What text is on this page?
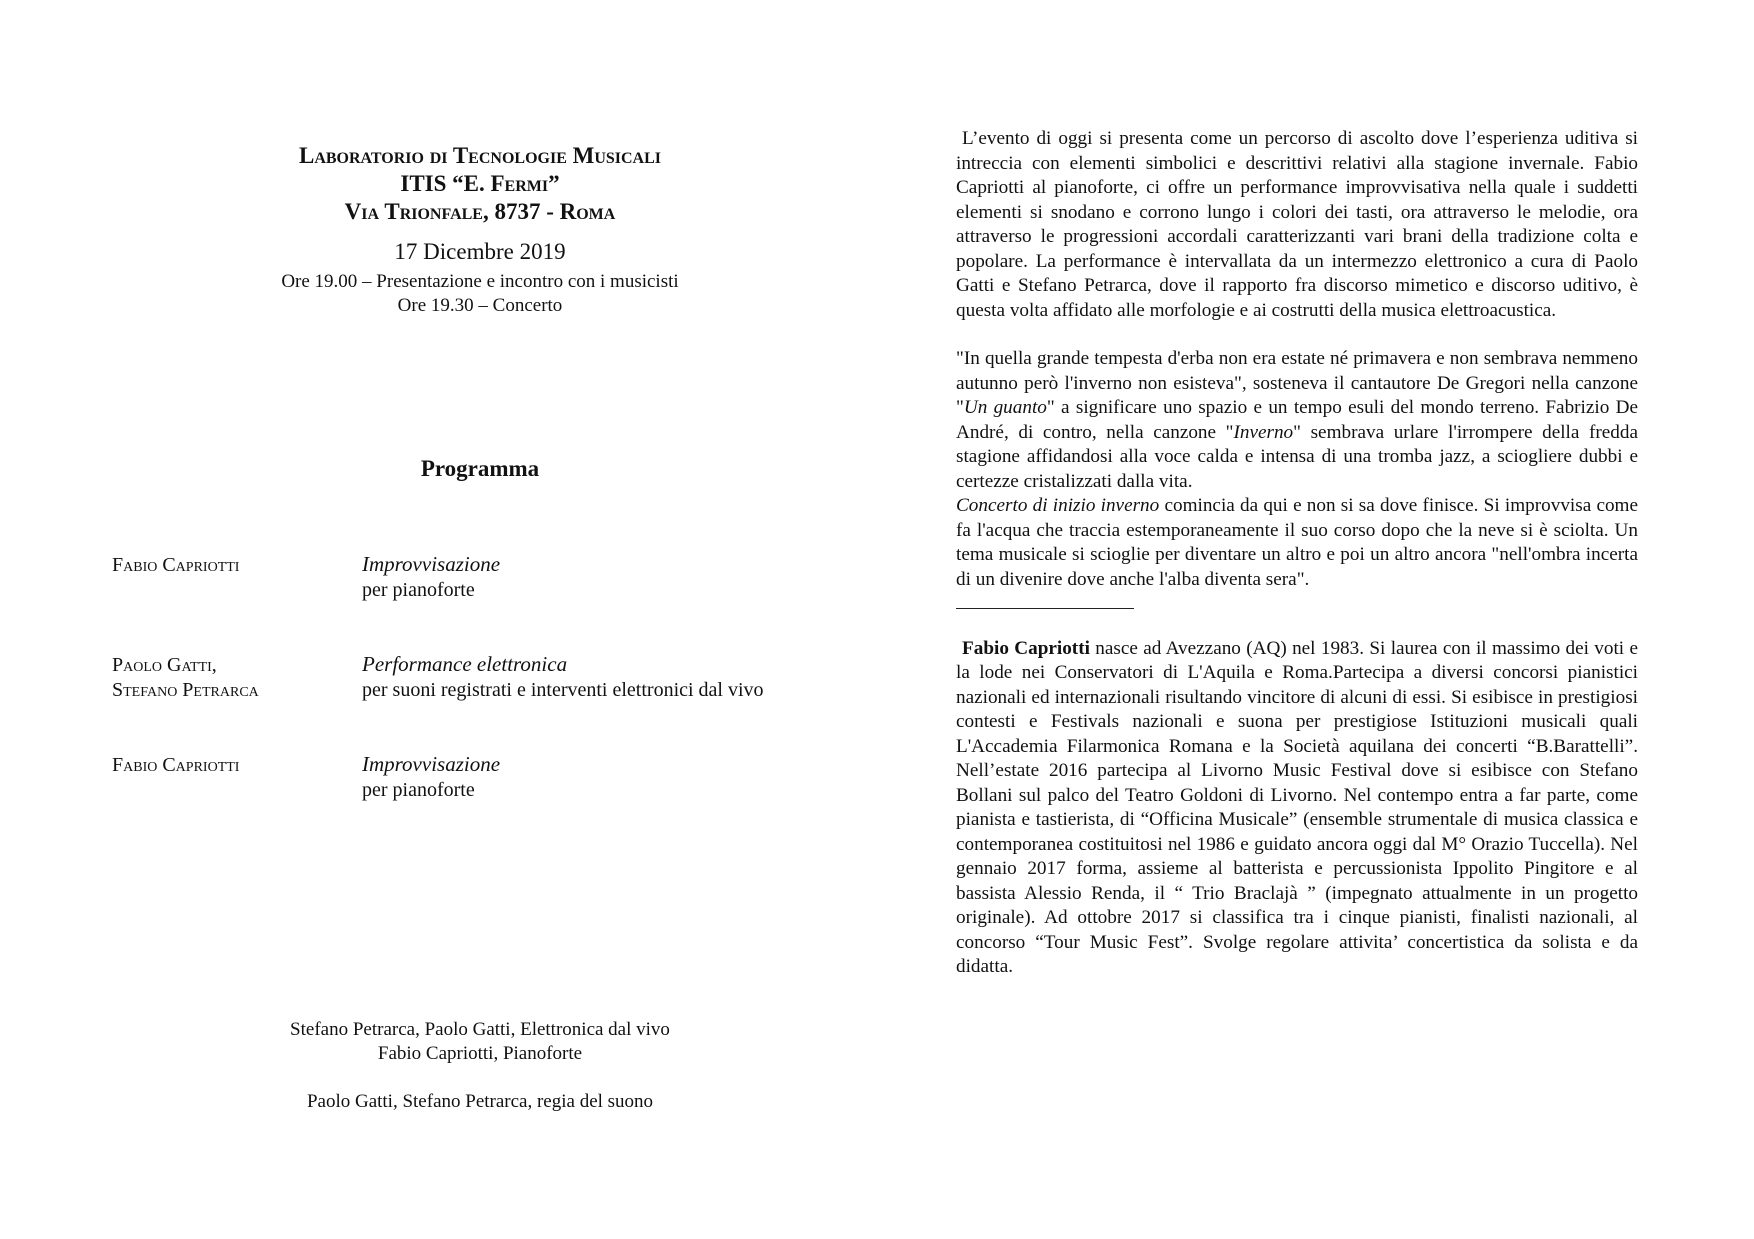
Laboratorio di Tecnologie Musicali
ITIS “E. Fermi”
Via Trionfale, 8737 - Roma
17 Dicembre 2019
Ore 19.00 – Presentazione e incontro con i musicisti
Ore 19.30 – Concerto
Programma
Fabio Capriotti	Improvvisazione
per pianoforte
Paolo Gatti,
Stefano Petrarca
Performance elettronica
per suoni registrati e interventi elettronici dal vivo
Fabio Capriotti	Improvvisazione
per pianoforte
Stefano Petrarca, Paolo Gatti, Elettronica dal vivo
Fabio Capriotti, Pianoforte
Paolo Gatti, Stefano Petrarca, regia del suono

L’evento di oggi si presenta come un percorso di ascolto dove l’esperienza uditiva si intreccia con elementi simbolici e descrittivi relativi alla stagione invernale. Fabio Capriotti al pianoforte, ci offre un performance improvvisativa nella quale i suddetti elementi si snodano e corrono lungo i colori dei tasti, ora attraverso le melodie, ora attraverso le progressioni accordali caratterizzanti vari brani della tradizione colta e popolare. La performance è intervallata da un intermezzo elettronico a cura di Paolo Gatti e Stefano Petrarca, dove il rapporto fra discorso mimetico e discorso uditivo, è questa volta affidato alle morfologie e ai costrutti della musica elettroacustica.

"In quella grande tempesta d'erba non era estate né primavera e non sembrava nemmeno autunno però l'inverno non esisteva", sosteneva il cantautore De Gregori nella canzone "Un guanto" a significare uno spazio e un tempo esuli del mondo terreno. Fabrizio De André, di contro, nella canzone "Inverno" sembrava urlare l'irrompere della fredda stagione affidandosi alla voce calda e intensa di una tromba jazz, a sciogliere dubbi e certezze cristalizzati dalla vita.

Concerto di inizio inverno comincia da qui e non si sa dove finisce. Si improvvisa come fa l'acqua che traccia estemporaneamente il suo corso dopo che la neve si è sciolta. Un tema musicale si scioglie per diventare un altro e poi un altro ancora "nell'ombra incerta di un divenire dove anche l'alba diventa sera".

Fabio Capriotti nasce ad Avezzano (AQ) nel 1983. Si laurea con il massimo dei voti e la lode nei Conservatori di L'Aquila e Roma.Partecipa a diversi concorsi pianistici nazionali ed internazionali risultando vincitore di alcuni di essi. Si esibisce in prestigiosi contesti e Festivals nazionali e suona per prestigiose Istituzioni musicali quali L'Accademia Filarmonica Romana e la Società aquilana dei concerti “B.Barattelli”. Nell’estate 2016 partecipa al Livorno Music Festival dove si esibisce con Stefano Bollani sul palco del Teatro Goldoni di Livorno. Nel contempo entra a far parte, come pianista e tastierista, di “Officina Musicale” (ensemble strumentale di musica classica e contemporanea costituitosi nel 1986 e guidato ancora oggi dal M° Orazio Tuccella). Nel gennaio 2017 forma, assieme al batterista e percussionista Ippolito Pingitore e al bassista Alessio Renda, il “ Trio Braclajà ” (impegnato attualmente in un progetto originale). Ad ottobre 2017 si classifica tra i cinque pianisti, finalisti nazionali, al concorso “Tour Music Fest”. Svolge regolare attivita’ concertistica da solista e da didatta.
